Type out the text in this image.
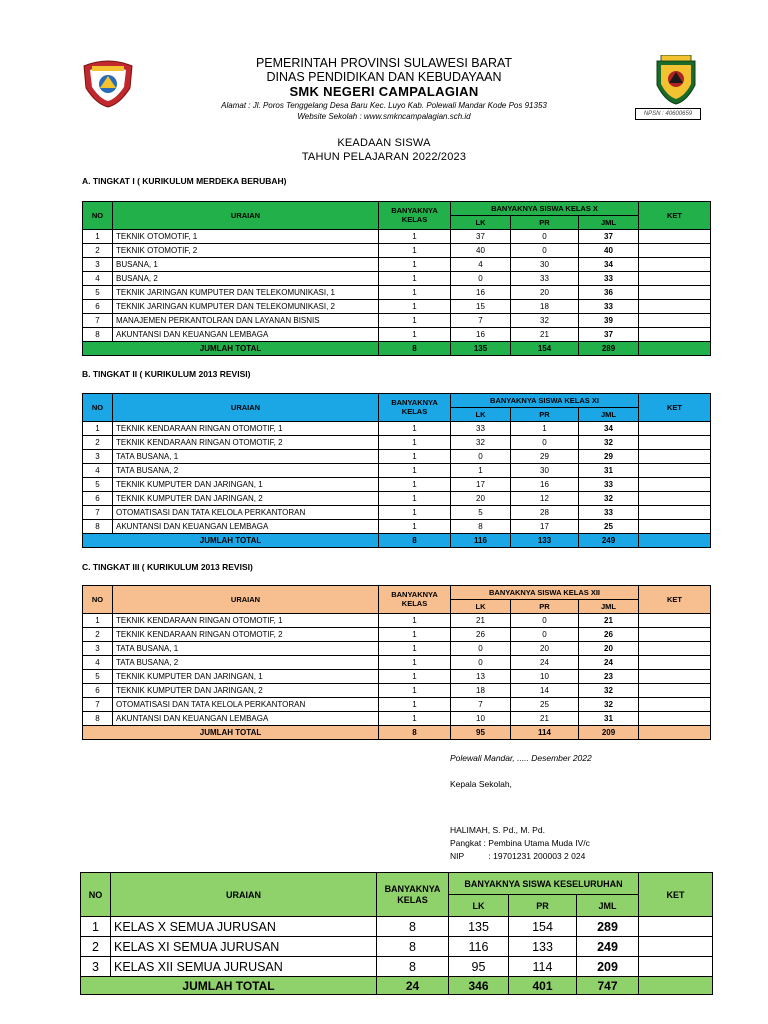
NPSN : 40600659
PEMERINTAH PROVINSI SULAWESI BARAT
DINAS PENDIDIKAN DAN KEBUDAYAAN
SMK NEGERI CAMPALAGIAN
Alamat : Jl. Poros Tenggelang Desa Baru Kec. Luyo Kab. Polewali Mandar Kode Pos 91353
Website Sekolah : www.smkncampalagian.sch.id
KEADAAN SISWA
TAHUN PELAJARAN 2022/2023
A. TINGKAT I ( KURIKULUM MERDEKA BERUBAH)
NO	URAIAN	BANYAKNYA
KELAS	BANYAKNYA SISWA KELAS X			KET
			LK	PR	JML	
1	TEKNIK OTOMOTIF, 1	1	37	0	37	
2	TEKNIK OTOMOTIF, 2	1	40	0	40	
3	BUSANA, 1	1	4	30	34	
4	BUSANA, 2	1	0	33	33	
5	TEKNIK JARINGAN KUMPUTER DAN TELEKOMUNIKASI, 1	1	16	20	36	
6	TEKNIK JARINGAN KUMPUTER DAN TELEKOMUNIKASI, 2	1	15	18	33	
7	MANAJEMEN PERKANTOLRAN DAN LAYANAN BISNIS	1	7	32	39	
8	AKUNTANSI DAN KEUANGAN LEMBAGA	1	16	21	37	
JUMLAH TOTAL		8	135	154	289	
B. TINGKAT II ( KURIKULUM 2013 REVISI)
NO	URAIAN	BANYAKNYA
KELAS	BANYAKNYA SISWA KELAS XI			KET
			LK	PR	JML	
1	TEKNIK KENDARAAN RINGAN OTOMOTIF, 1	1	33	1	34	
2	TEKNIK KENDARAAN RINGAN OTOMOTIF, 2	1	32	0	32	
3	TATA BUSANA, 1	1	0	29	29	
4	TATA BUSANA, 2	1	1	30	31	
5	TEKNIK KUMPUTER DAN JARINGAN, 1	1	17	16	33	
6	TEKNIK KUMPUTER DAN JARINGAN, 2	1	20	12	32	
7	OTOMATISASI DAN TATA KELOLA PERKANTORAN	1	5	28	33	
8	AKUNTANSI DAN KEUANGAN LEMBAGA	1	8	17	25	
JUMLAH TOTAL		8	116	133	249	
C. TINGKAT III ( KURIKULUM 2013 REVISI)
NO	URAIAN	BANYAKNYA
KELAS	BANYAKNYA SISWA KELAS XII			KET
			LK	PR	JML	
1	TEKNIK KENDARAAN RINGAN OTOMOTIF, 1	1	21	0	21	
2	TEKNIK KENDARAAN RINGAN OTOMOTIF, 2	1	26	0	26	
3	TATA BUSANA, 1	1	0	20	20	
4	TATA BUSANA, 2	1	0	24	24	
5	TEKNIK KUMPUTER DAN JARINGAN, 1	1	13	10	23	
6	TEKNIK KUMPUTER DAN JARINGAN, 2	1	18	14	32	
7	OTOMATISASI DAN TATA KELOLA PERKANTORAN	1	7	25	32	
8	AKUNTANSI DAN KEUANGAN LEMBAGA	1	10	21	31	
JUMLAH TOTAL		8	95	114	209	
Polewali Mandar, ..... Desember 2022
Kepala Sekolah,
HALIMAH, S. Pd., M. Pd.
Pangkat : Pembina Utama Muda IV/c
NIP	: 19701231 200003 2 024
NO	URAIAN	BANYAKNYA
KELAS	BANYAKNYA SISWA KESELURUHAN			KET
			LK	PR	JML	
1	KELAS X SEMUA JURUSAN	8	135	154	289	
2	KELAS XI SEMUA JURUSAN	8	116	133	249	
3	KELAS XII SEMUA JURUSAN	8	95	114	209	
JUMLAH TOTAL		24	346	401	747	
